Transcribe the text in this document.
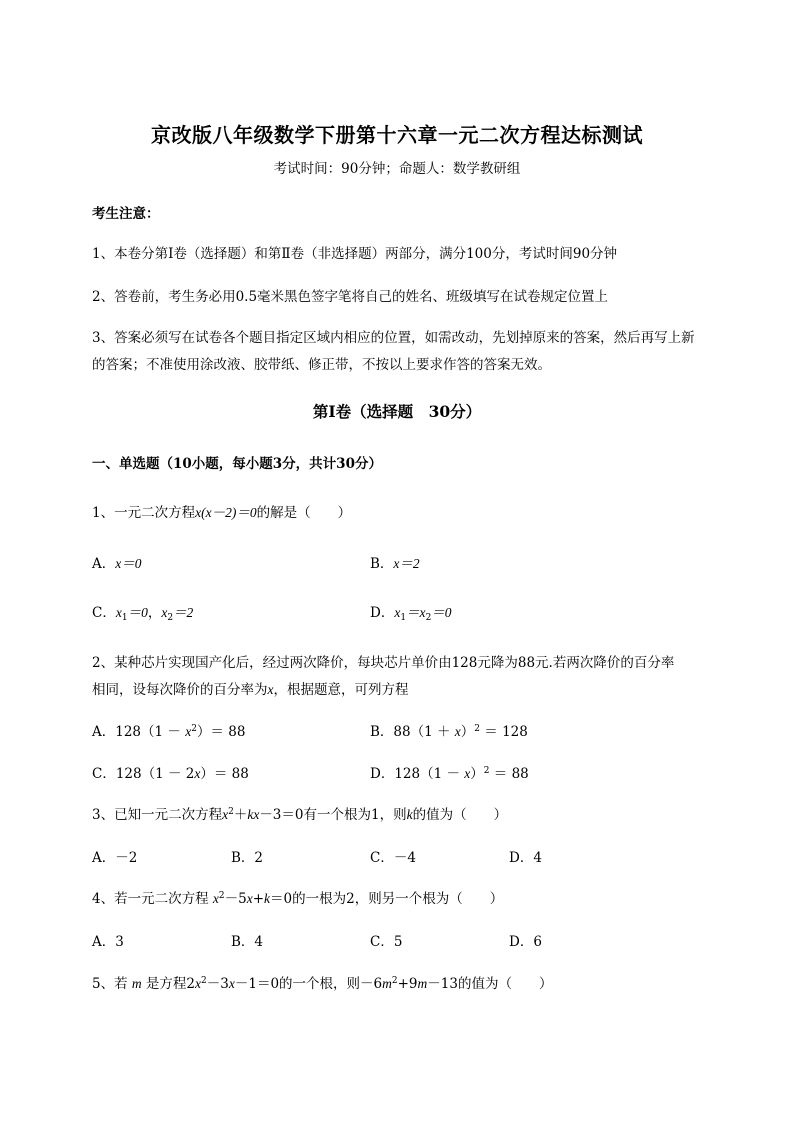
京改版八年级数学下册第十六章一元二次方程达标测试
考试时间：90分钟；命题人：数学教研组
考生注意：
1、本卷分第I卷（选择题）和第Ⅱ卷（非选择题）两部分，满分100分，考试时间90分钟
2、答卷前，考生务必用0.5毫米黑色签字笔将自己的姓名、班级填写在试卷规定位置上
3、答案必须写在试卷各个题目指定区域内相应的位置，如需改动，先划掉原来的答案，然后再写上新
的答案；不准使用涂改液、胶带纸、修正带，不按以上要求作答的答案无效。
第I卷（选择题　30分）
一、单选题（10小题，每小题3分，共计30分）
1、一元二次方程x(x－2)＝0的解是（　　）
A．x＝0	B．x＝2
C．$x_1=0$，$x_2=2$	D．$x_1=x_2=0$
2、某种芯片实现国产化后，经过两次降价，每块芯片单价由128元降为88元.若两次降价的百分率
相同，设每次降价的百分率为x，根据题意，可列方程
A．$128(1 - x^2)= 88$	B．$88(1 + x)^2 = 128$
C．128（1 － 2x）＝ 88	D．$128(1 - x)^2 = 88$
3、已知一元二次方程$x^2+kx-3=0$有一个根为1，则k的值为（　　）
A．－2	B．2	C．－4	D．4
4、若一元二次方程 $x^2-5x+k=0$的一根为2，则另一个根为（　　）
A．3	B．4	C．5	D．6
5、若 m 是方程$2x^2-3x-1=0$的一个根，则$-6m^2+9m-13$的值为（　　）
